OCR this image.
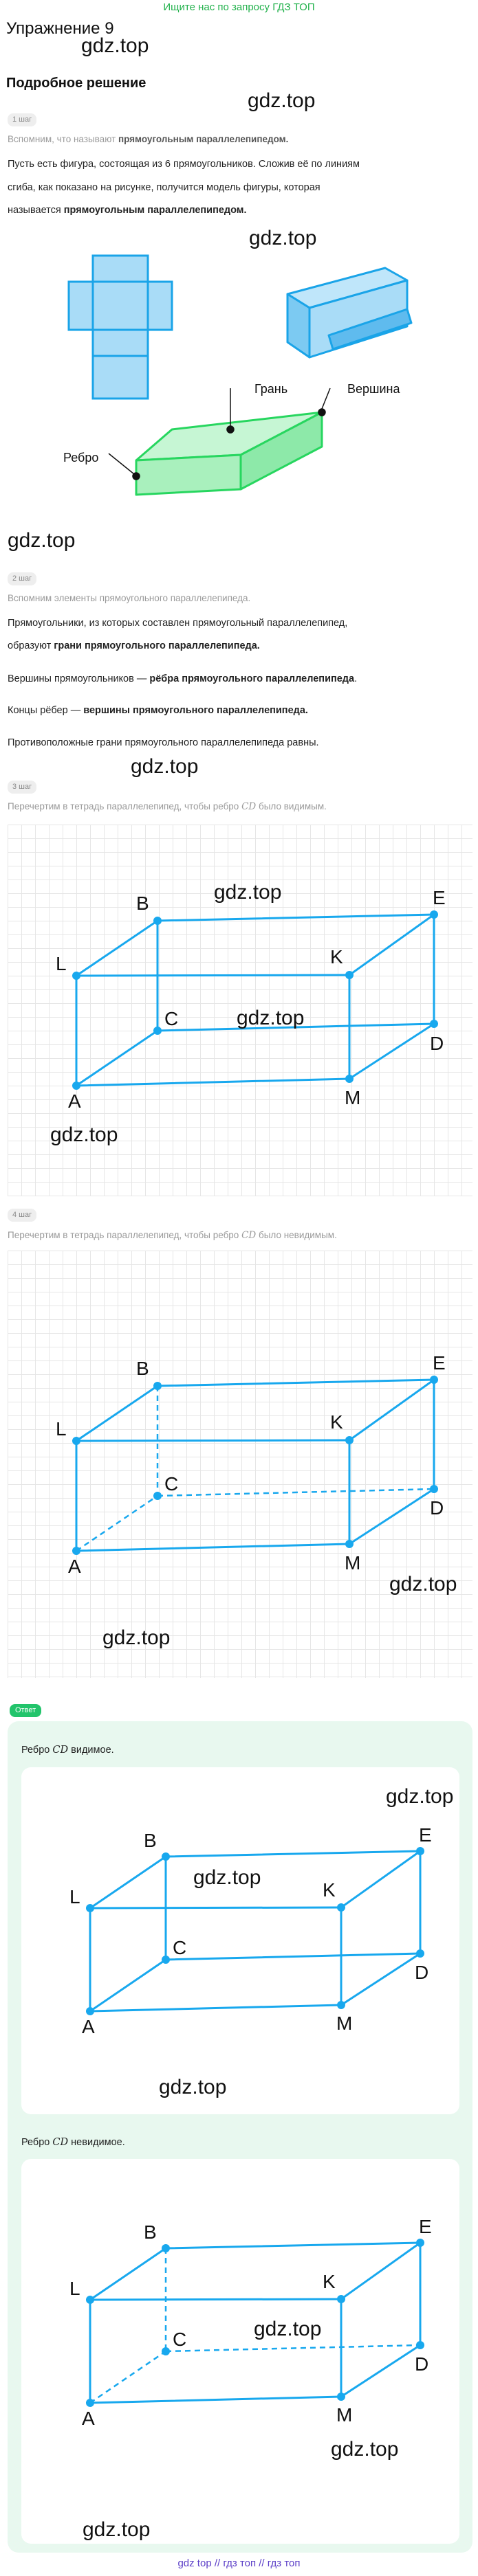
Ищите нас по запросу ГДЗ ТОП
Упражнение 9
gdz.top
Подробное решение
gdz.top
1 шаг
Вспомним, что называют прямоугольным параллелепипедом.
Пусть есть фигура, состоящая из 6 прямоугольников. Сложив её по линиям
сгиба, как показано на рисунке, получится модель фигуры, которая
называется прямоугольным параллелепипедом.
gdz.top
Грань	Вершина
Ребро
gdz.top
2 шаг
Вспомним элементы прямоугольного параллелепипеда.
Прямоугольники, из которых составлен прямоугольный параллелепипед,
образуют грани прямоугольного параллелепипеда.
Вершины прямоугольников — рёбра прямоугольного параллелепипеда.
Концы рёбер — вершины прямоугольного параллелепипеда.
Противоположные грани прямоугольного параллелепипеда равны.
gdz.top
3 шаг
Перечертим в тетрадь параллелепипед, чтобы ребро CD было видимым.
B
L
C
A
K
E
D
M
gdz.top
gdz.top
gdz.top
4 шаг
Перечертим в тетрадь параллелепипед, чтобы ребро CD было невидимым.
B
L
C
A
K
E
D
M
gdz.top
gdz.top
Ответ
Ребро CD видимое.
B
L
C
A
K
E
D
M
gdz.top
gdz.top
gdz.top
Ребро CD невидимое.
B
L
C
A
K
E
D
M
gdz.top
gdz.top
gdz.top
gdz top // гдз топ // гдз топ
